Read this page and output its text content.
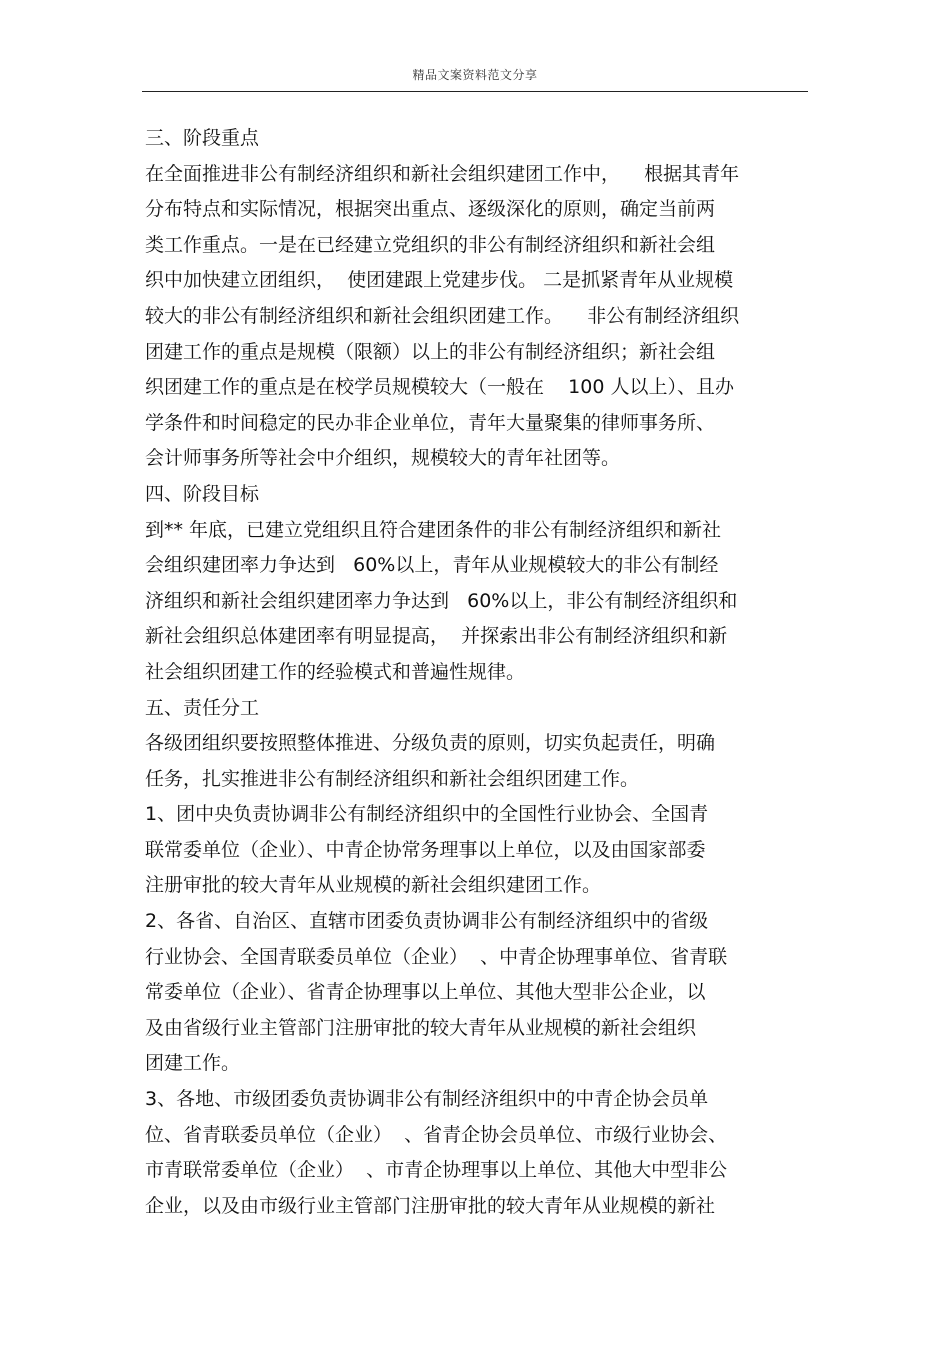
精品文案资料范文分享
三、阶段重点
在全面推进非公有制经济组织和新社会组织建团工作中，    根据其青年
分布特点和实际情况，根据突出重点、逐级深化的原则，确定当前两
类工作重点。一是在已经建立党组织的非公有制经济组织和新社会组
织中加快建立团组织，  使团建跟上党建步伐。 二是抓紧青年从业规模
较大的非公有制经济组织和新社会组织团建工作。    非公有制经济组织
团建工作的重点是规模（限额）以上的非公有制经济组织；新社会组
织团建工作的重点是在校学员规模较大（一般在    100 人以上）、且办
学条件和时间稳定的民办非企业单位，青年大量聚集的律师事务所、
会计师事务所等社会中介组织，规模较大的青年社团等。
四、阶段目标
到** 年底，已建立党组织且符合建团条件的非公有制经济组织和新社
会组织建团率力争达到   60%以上，青年从业规模较大的非公有制经
济组织和新社会组织建团率力争达到   60%以上，非公有制经济组织和
新社会组织总体建团率有明显提高，  并探索出非公有制经济组织和新
社会组织团建工作的经验模式和普遍性规律。
五、责任分工
各级团组织要按照整体推进、分级负责的原则，切实负起责任，明确
任务，扎实推进非公有制经济组织和新社会组织团建工作。
1、团中央负责协调非公有制经济组织中的全国性行业协会、全国青
联常委单位（企业）、中青企协常务理事以上单位，以及由国家部委
注册审批的较大青年从业规模的新社会组织建团工作。
2、各省、自治区、直辖市团委负责协调非公有制经济组织中的省级
行业协会、全国青联委员单位（企业）  、中青企协理事单位、省青联
常委单位（企业）、省青企协理事以上单位、其他大型非公企业，以
及由省级行业主管部门注册审批的较大青年从业规模的新社会组织
团建工作。
3、各地、市级团委负责协调非公有制经济组织中的中青企协会员单
位、省青联委员单位（企业）  、省青企协会员单位、市级行业协会、
市青联常委单位（企业）  、市青企协理事以上单位、其他大中型非公
企业，以及由市级行业主管部门注册审批的较大青年从业规模的新社
